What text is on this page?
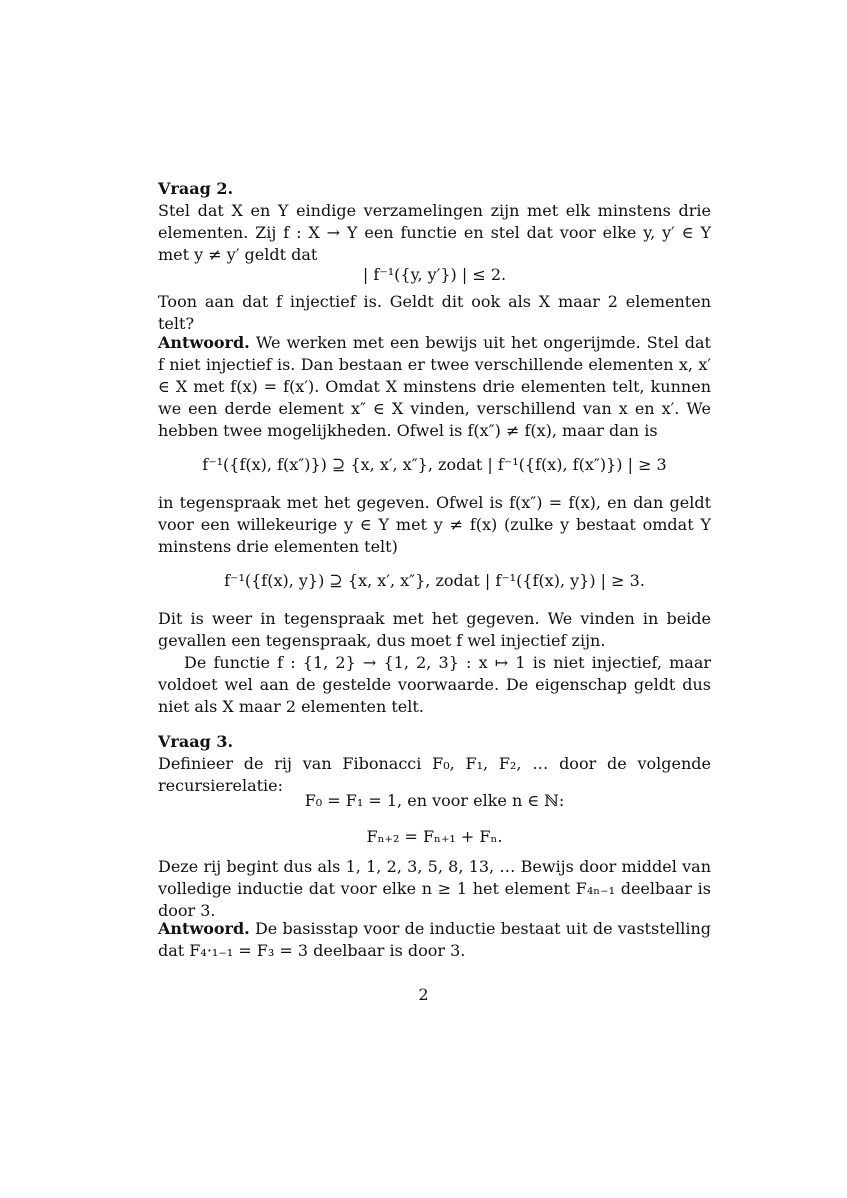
Vraag 2.

Stel dat X en Y eindige verzamelingen zijn met elk minstens drie elementen. Zij f : X → Y een functie en stel dat voor elke y, y′ ∈ Y met y ≠ y′ geldt dat

| f⁻¹({y, y′}) | ≤ 2.

Toon aan dat f injectief is. Geldt dit ook als X maar 2 elementen telt?

Antwoord. We werken met een bewijs uit het ongerijmde. Stel dat f niet injectief is. Dan bestaan er twee verschillende elementen x, x′ ∈ X met f(x) = f(x′). Omdat X minstens drie elementen telt, kunnen we een derde element x″ ∈ X vinden, verschillend van x en x′. We hebben twee mogelijkheden. Ofwel is f(x″) ≠ f(x), maar dan is

f⁻¹({f(x), f(x″)}) ⊇ {x, x′, x″}, zodat | f⁻¹({f(x), f(x″)}) | ≥ 3

in tegenspraak met het gegeven. Ofwel is f(x″) = f(x), en dan geldt voor een willekeurige y ∈ Y met y ≠ f(x) (zulke y bestaat omdat Y minstens drie elementen telt)

f⁻¹({f(x), y}) ⊇ {x, x′, x″}, zodat | f⁻¹({f(x), y}) | ≥ 3.

Dit is weer in tegenspraak met het gegeven. We vinden in beide gevallen een tegenspraak, dus moet f wel injectief zijn.

De functie f : {1, 2} → {1, 2, 3} : x ↦ 1 is niet injectief, maar voldoet wel aan de gestelde voorwaarde. De eigenschap geldt dus niet als X maar 2 elementen telt.

Vraag 3.

Definieer de rij van Fibonacci F₀, F₁, F₂, … door de volgende recursierelatie:

F₀ = F₁ = 1, en voor elke n ∈ ℕ:
Fₙ₊₂ = Fₙ₊₁ + Fₙ.

Deze rij begint dus als 1, 1, 2, 3, 5, 8, 13, … Bewijs door middel van volledige inductie dat voor elke n ≥ 1 het element F₄ₙ₋₁ deelbaar is door 3.

Antwoord. De basisstap voor de inductie bestaat uit de vaststelling dat F₄·₁₋₁ = F₃ = 3 deelbaar is door 3.

2
